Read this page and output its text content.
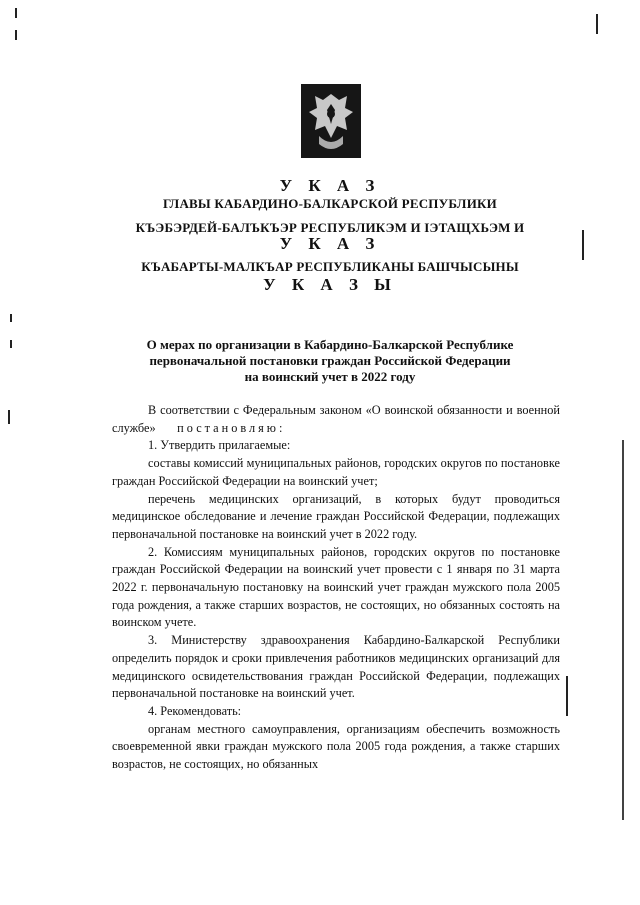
У К А З
ГЛАВЫ КАБАРДИНО-БАЛКАРСКОЙ РЕСПУБЛИКИ
КЪЭБЭРДЕЙ-БАЛЪКЪЭР РЕСПУБЛИКЭМ И ІЭТАЩХЬЭМ И
У К А З
КЪАБАРТЫ-МАЛКЪАР РЕСПУБЛИКАНЫ БАШЧЫСЫНЫ
У К А З Ы
О мерах по организации в Кабардино-Балкарской Республике
первоначальной постановки граждан Российской Федерации
на воинский учет в 2022 году

В соответствии с Федеральным законом «О воинской обязанности и военной службе» постановляю:

1. Утвердить прилагаемые:

составы комиссий муниципальных районов, городских округов по постановке граждан Российской Федерации на воинский учет;

перечень медицинских организаций, в которых будут проводиться медицинское обследование и лечение граждан Российской Федерации, подлежащих первоначальной постановке на воинский учет в 2022 году.

2. Комиссиям муниципальных районов, городских округов по постановке граждан Российской Федерации на воинский учет провести с 1 января по 31 марта 2022 г. первоначальную постановку на воинский учет граждан мужского пола 2005 года рождения, а также старших возрастов, не состоящих, но обязанных состоять на воинском учете.

3. Министерству здравоохранения Кабардино-Балкарской Республики определить порядок и сроки привлечения работников медицинских организаций для медицинского освидетельствования граждан Российской Федерации, подлежащих первоначальной постановке на воинский учет.

4. Рекомендовать:

органам местного самоуправления, организациям обеспечить возможность своевременной явки граждан мужского пола 2005 года рождения, а также старших возрастов, не состоящих, но обязанных
